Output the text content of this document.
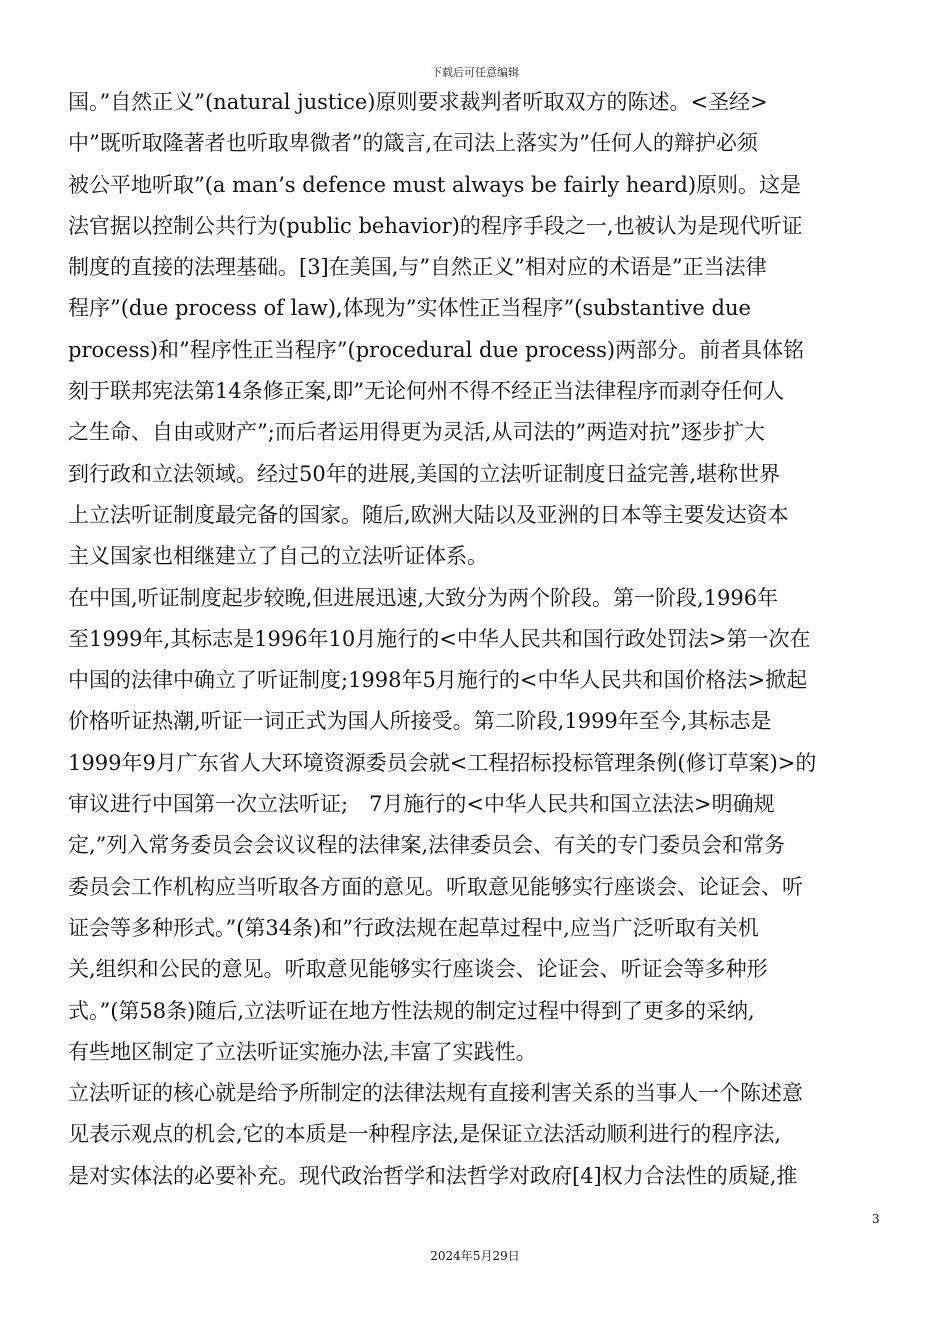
下载后可任意编辑
国。”自然正义”(natural justice)原则要求裁判者听取双方的陈述。<圣经>
中”既听取隆著者也听取卑微者”的箴言,在司法上落实为”任何人的辩护必须
被公平地听取”(a man’s defence must always be fairly heard)原则。这是
法官据以控制公共行为(public behavior)的程序手段之一,也被认为是现代听证
制度的直接的法理基础。[3]在美国,与”自然正义”相对应的术语是”正当法律
程序”(due process of law),体现为”实体性正当程序”(substantive due
process)和”程序性正当程序”(procedural due process)两部分。前者具体铭
刻于联邦宪法第14条修正案,即”无论何州不得不经正当法律程序而剥夺任何人
之生命、自由或财产”;而后者运用得更为灵活,从司法的”两造对抗”逐步扩大
到行政和立法领域。经过50年的进展,美国的立法听证制度日益完善,堪称世界
上立法听证制度最完备的国家。随后,欧洲大陆以及亚洲的日本等主要发达资本
主义国家也相继建立了自己的立法听证体系。
在中国,听证制度起步较晚,但进展迅速,大致分为两个阶段。第一阶段,1996年
至1999年,其标志是1996年10月施行的<中华人民共和国行政处罚法>第一次在
中国的法律中确立了听证制度;1998年5月施行的<中华人民共和国价格法>掀起
价格听证热潮,听证一词正式为国人所接受。第二阶段,1999年至今,其标志是
1999年9月广东省人大环境资源委员会就<工程招标投标管理条例(修订草案)>的
审议进行中国第一次立法听证;　7月施行的<中华人民共和国立法法>明确规
定,”列入常务委员会会议议程的法律案,法律委员会、有关的专门委员会和常务
委员会工作机构应当听取各方面的意见。听取意见能够实行座谈会、论证会、听
证会等多种形式。”(第34条)和”行政法规在起草过程中,应当广泛听取有关机
关,组织和公民的意见。听取意见能够实行座谈会、论证会、听证会等多种形
式。”(第58条)随后,立法听证在地方性法规的制定过程中得到了更多的采纳,
有些地区制定了立法听证实施办法,丰富了实践性。
立法听证的核心就是给予所制定的法律法规有直接利害关系的当事人一个陈述意
见表示观点的机会,它的本质是一种程序法,是保证立法活动顺利进行的程序法,
是对实体法的必要补充。现代政治哲学和法哲学对政府[4]权力合法性的质疑,推
3
2024年5月29日
